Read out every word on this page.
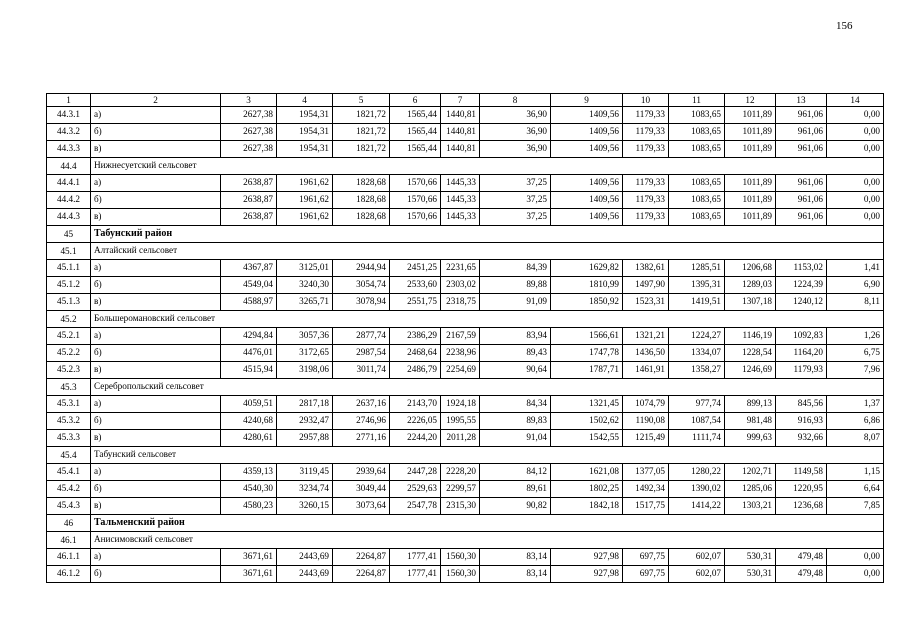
156
1	2	3	4	5	6	7	8	9	10	11	12	13	14
44.3.1	а)	2627,38	1954,31	1821,72	1565,44	1440,81	36,90	1409,56	1179,33	1083,65	1011,89	961,06	0,00
44.3.2	б)	2627,38	1954,31	1821,72	1565,44	1440,81	36,90	1409,56	1179,33	1083,65	1011,89	961,06	0,00
44.3.3	в)	2627,38	1954,31	1821,72	1565,44	1440,81	36,90	1409,56	1179,33	1083,65	1011,89	961,06	0,00
44.4	Нижнесуетский сельсовет												
44.4.1	а)	2638,87	1961,62	1828,68	1570,66	1445,33	37,25	1409,56	1179,33	1083,65	1011,89	961,06	0,00
44.4.2	б)	2638,87	1961,62	1828,68	1570,66	1445,33	37,25	1409,56	1179,33	1083,65	1011,89	961,06	0,00
44.4.3	в)	2638,87	1961,62	1828,68	1570,66	1445,33	37,25	1409,56	1179,33	1083,65	1011,89	961,06	0,00
45	Табунский район												
45.1	Алтайский сельсовет												
45.1.1	а)	4367,87	3125,01	2944,94	2451,25	2231,65	84,39	1629,82	1382,61	1285,51	1206,68	1153,02	1,41
45.1.2	б)	4549,04	3240,30	3054,74	2533,60	2303,02	89,88	1810,99	1497,90	1395,31	1289,03	1224,39	6,90
45.1.3	в)	4588,97	3265,71	3078,94	2551,75	2318,75	91,09	1850,92	1523,31	1419,51	1307,18	1240,12	8,11
45.2	Большеромановский сельсовет												
45.2.1	а)	4294,84	3057,36	2877,74	2386,29	2167,59	83,94	1566,61	1321,21	1224,27	1146,19	1092,83	1,26
45.2.2	б)	4476,01	3172,65	2987,54	2468,64	2238,96	89,43	1747,78	1436,50	1334,07	1228,54	1164,20	6,75
45.2.3	в)	4515,94	3198,06	3011,74	2486,79	2254,69	90,64	1787,71	1461,91	1358,27	1246,69	1179,93	7,96
45.3	Серебропольский сельсовет												
45.3.1	а)	4059,51	2817,18	2637,16	2143,70	1924,18	84,34	1321,45	1074,79	977,74	899,13	845,56	1,37
45.3.2	б)	4240,68	2932,47	2746,96	2226,05	1995,55	89,83	1502,62	1190,08	1087,54	981,48	916,93	6,86
45.3.3	в)	4280,61	2957,88	2771,16	2244,20	2011,28	91,04	1542,55	1215,49	1111,74	999,63	932,66	8,07
45.4	Табунский сельсовет												
45.4.1	а)	4359,13	3119,45	2939,64	2447,28	2228,20	84,12	1621,08	1377,05	1280,22	1202,71	1149,58	1,15
45.4.2	б)	4540,30	3234,74	3049,44	2529,63	2299,57	89,61	1802,25	1492,34	1390,02	1285,06	1220,95	6,64
45.4.3	в)	4580,23	3260,15	3073,64	2547,78	2315,30	90,82	1842,18	1517,75	1414,22	1303,21	1236,68	7,85
46	Тальменский район												
46.1	Анисимовский сельсовет												
46.1.1	а)	3671,61	2443,69	2264,87	1777,41	1560,30	83,14	927,98	697,75	602,07	530,31	479,48	0,00
46.1.2	б)	3671,61	2443,69	2264,87	1777,41	1560,30	83,14	927,98	697,75	602,07	530,31	479,48	0,00
